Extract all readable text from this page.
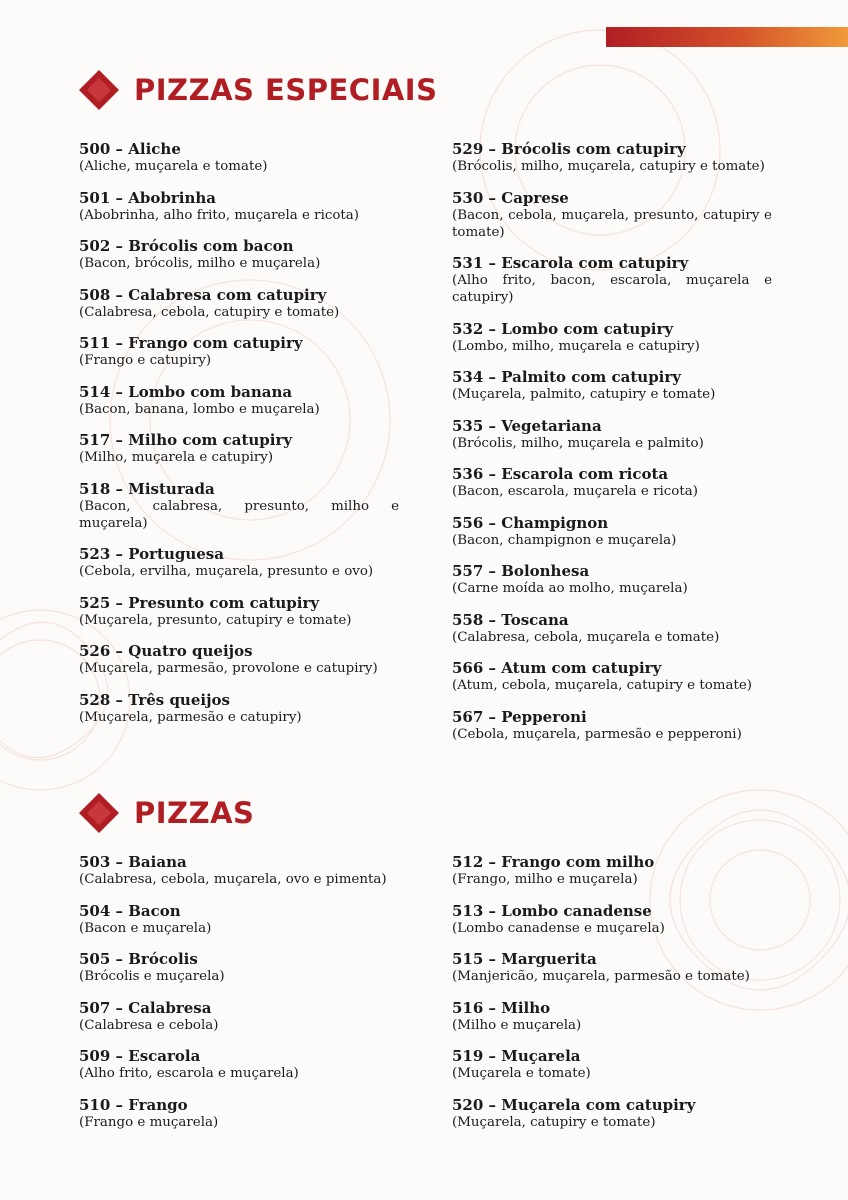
PIZZAS ESPECIAIS
500 – Aliche
(Aliche, muçarela e tomate)
501 – Abobrinha
(Abobrinha, alho frito, muçarela e ricota)
502 – Brócolis com bacon
(Bacon, brócolis, milho e muçarela)
508 – Calabresa com catupiry
(Calabresa, cebola, catupiry e tomate)
511 – Frango com catupiry
(Frango e catupiry)
514 – Lombo com banana
(Bacon, banana, lombo e muçarela)
517 – Milho com catupiry
(Milho, muçarela e catupiry)
518 – Misturada
(Bacon, calabresa, presunto, milho e muçarela)
523 – Portuguesa
(Cebola, ervilha, muçarela, presunto e ovo)
525 – Presunto com catupiry
(Muçarela, presunto, catupiry e tomate)
526 – Quatro queijos
(Muçarela, parmesão, provolone e catupiry)
528 – Três queijos
(Muçarela, parmesão e catupiry)
529 – Brócolis com catupiry
(Brócolis, milho, muçarela, catupiry e tomate)
530 – Caprese
(Bacon, cebola, muçarela, presunto, catupiry e tomate)
531 – Escarola com catupiry
(Alho frito, bacon, escarola, muçarela e catupiry)
532 – Lombo com catupiry
(Lombo, milho, muçarela e catupiry)
534 – Palmito com catupiry
(Muçarela, palmito, catupiry e tomate)
535 – Vegetariana
(Brócolis, milho, muçarela e palmito)
536 – Escarola com ricota
(Bacon, escarola, muçarela e ricota)
556 – Champignon
(Bacon, champignon e muçarela)
557 – Bolonhesa
(Carne moída ao molho, muçarela)
558 – Toscana
(Calabresa, cebola, muçarela e tomate)
566 – Atum com catupiry
(Atum, cebola, muçarela, catupiry e tomate)
567 – Pepperoni
(Cebola, muçarela, parmesão e pepperoni)
PIZZAS
503 – Baiana
(Calabresa, cebola, muçarela, ovo e pimenta)
504 – Bacon
(Bacon e muçarela)
505 – Brócolis
(Brócolis e muçarela)
507 – Calabresa
(Calabresa e cebola)
509 – Escarola
(Alho frito, escarola e muçarela)
510 – Frango
(Frango e muçarela)
512 – Frango com milho
(Frango, milho e muçarela)
513 – Lombo canadense
(Lombo canadense e muçarela)
515 – Marguerita
(Manjericão, muçarela, parmesão e tomate)
516 – Milho
(Milho e muçarela)
519 – Muçarela
(Muçarela e tomate)
520 – Muçarela com catupiry
(Muçarela, catupiry e tomate)
